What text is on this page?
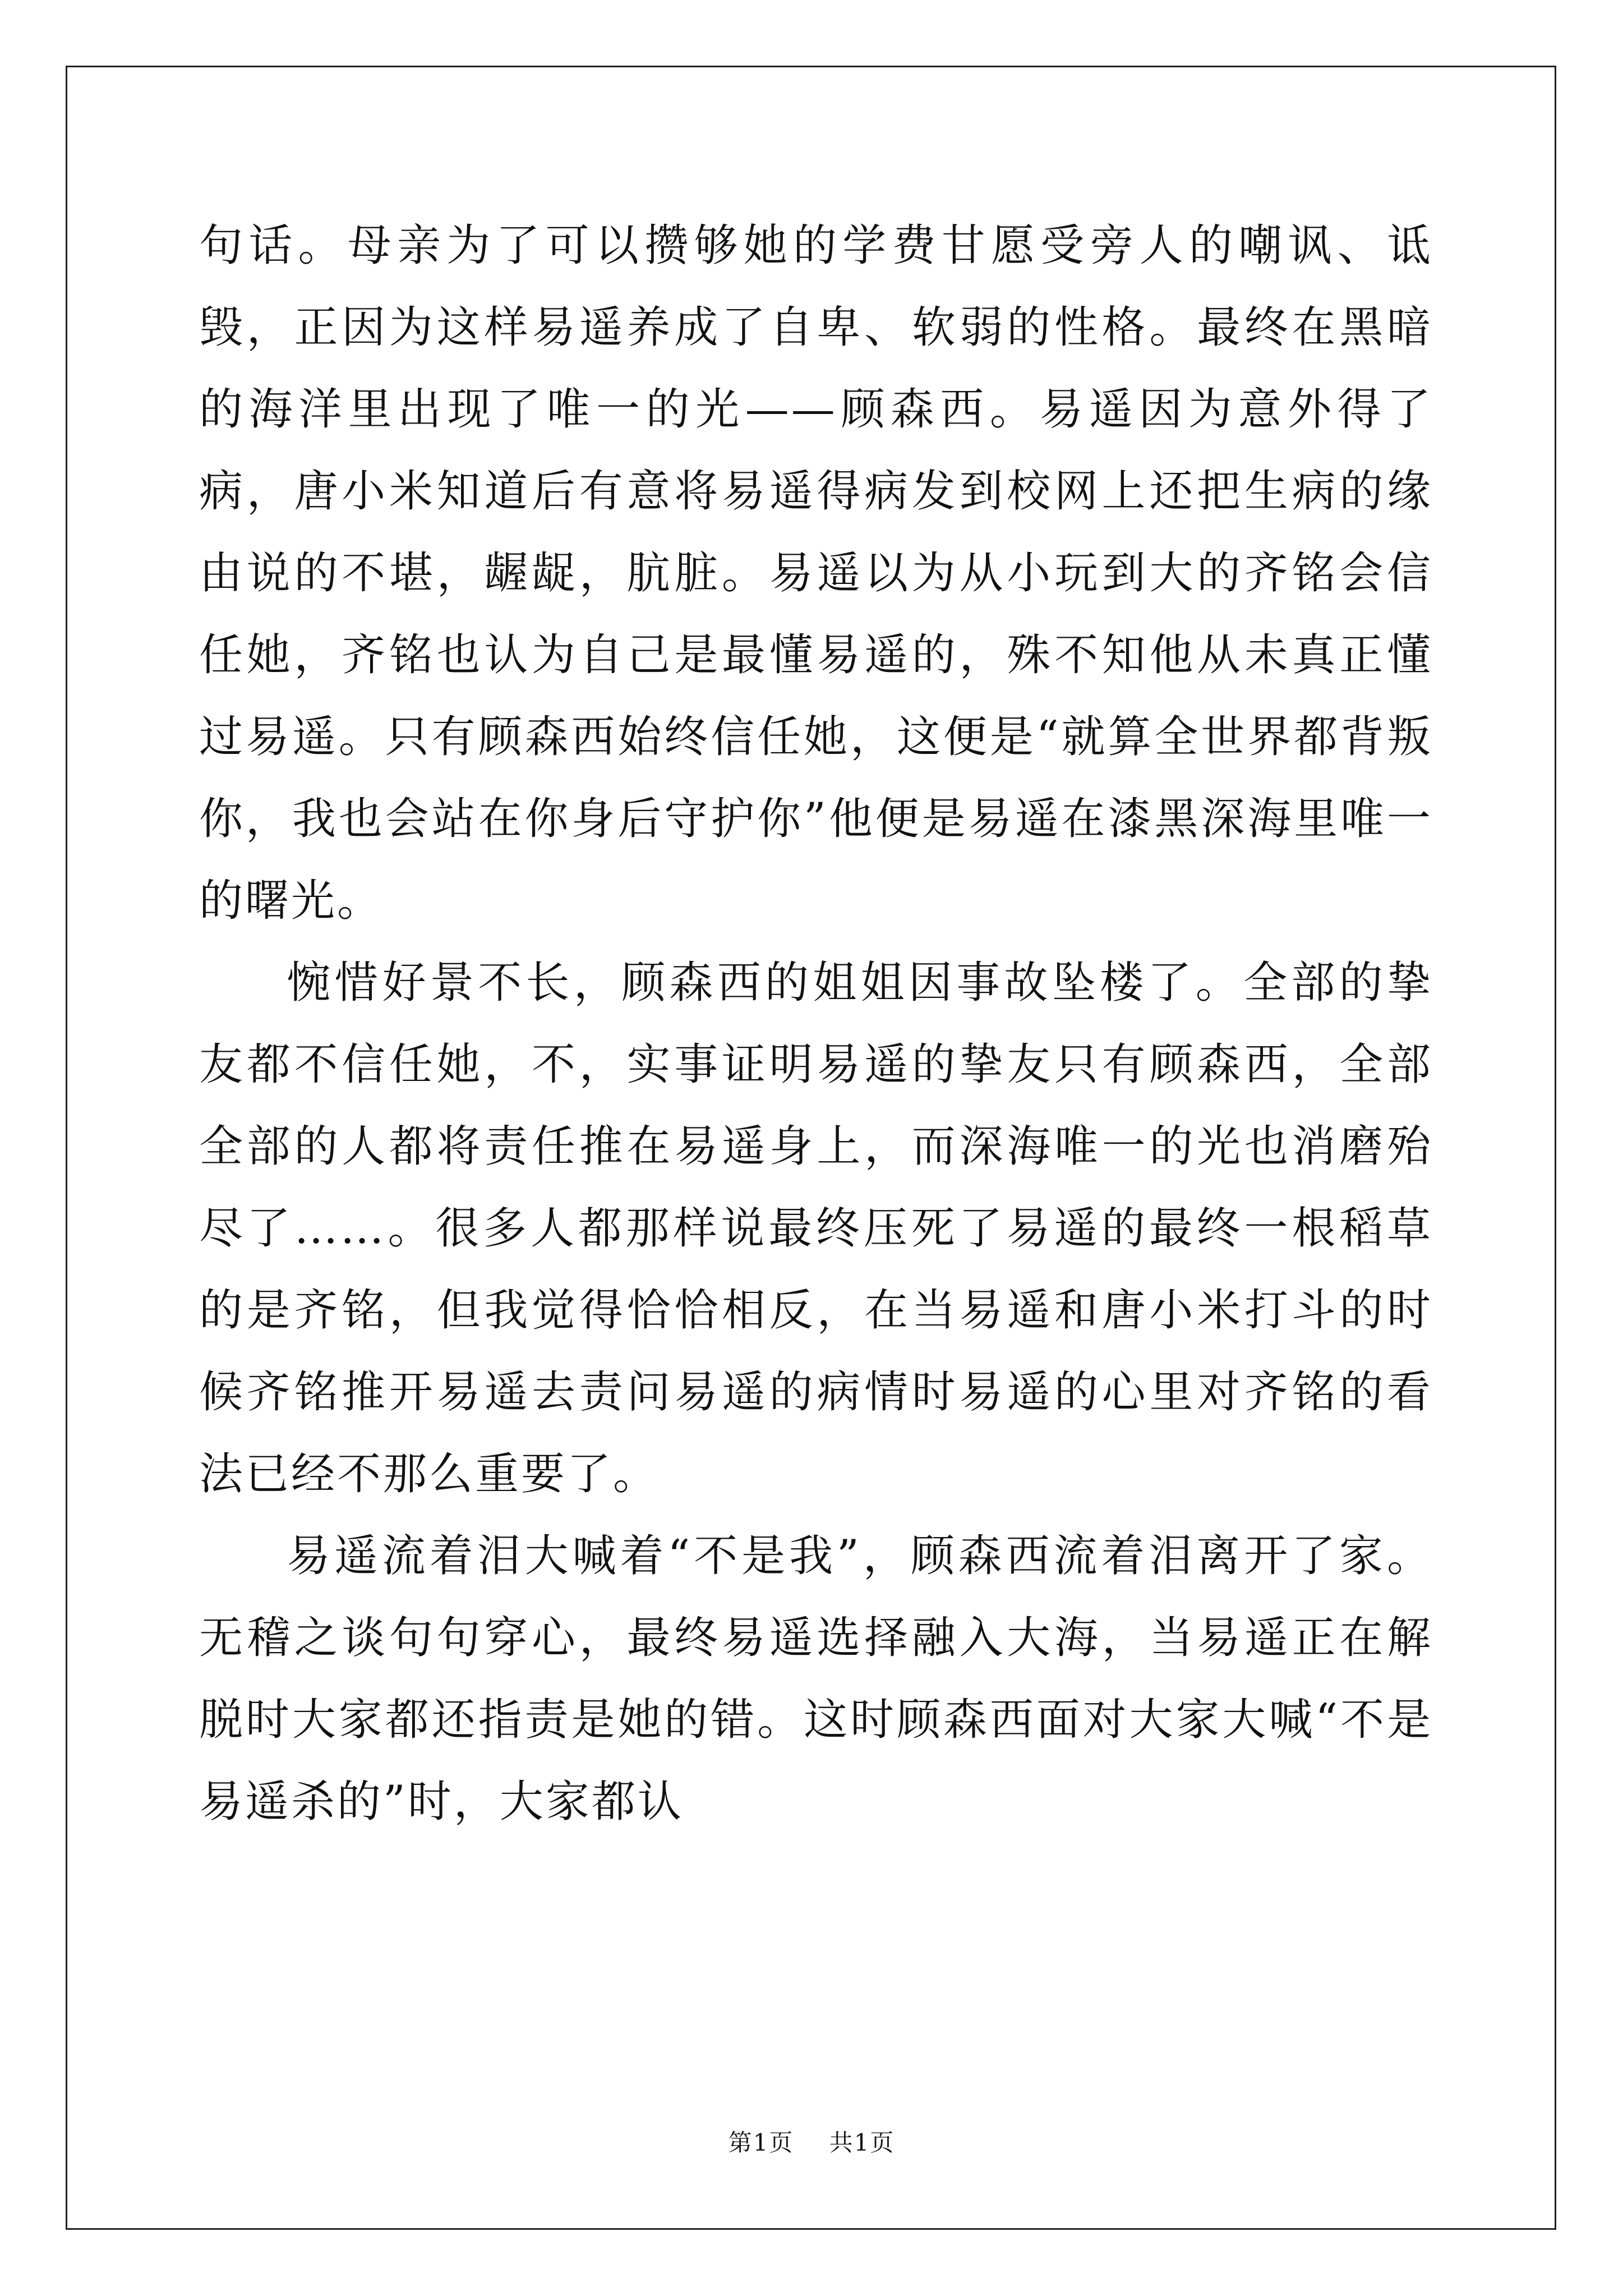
句话。母亲为了可以攒够她的学费甘愿受旁人的嘲讽、诋毁，正因为这样易遥养成了自卑、软弱的性格。最终在黑暗的海洋里出现了唯一的光——顾森西。易遥因为意外得了病，唐小米知道后有意将易遥得病发到校网上还把生病的缘由说的不堪，龌龊，肮脏。易遥以为从小玩到大的齐铭会信任她，齐铭也认为自己是最懂易遥的，殊不知他从未真正懂过易遥。只有顾森西始终信任她，这便是“就算全世界都背叛你，我也会站在你身后守护你”他便是易遥在漆黑深海里唯一的曙光。

惋惜好景不长，顾森西的姐姐因事故坠楼了。全部的挚友都不信任她，不，实事证明易遥的挚友只有顾森西，全部全部的人都将责任推在易遥身上，而深海唯一的光也消磨殆尽了……。很多人都那样说最终压死了易遥的最终一根稻草的是齐铭，但我觉得恰恰相反，在当易遥和唐小米打斗的时候齐铭推开易遥去责问易遥的病情时易遥的心里对齐铭的看法已经不那么重要了。

易遥流着泪大喊着“不是我”，顾森西流着泪离开了家。无稽之谈句句穿心，最终易遥选择融入大海，当易遥正在解脱时大家都还指责是她的错。这时顾森西面对大家大喊“不是易遥杀的”时，大家都认

第1页 共1页
